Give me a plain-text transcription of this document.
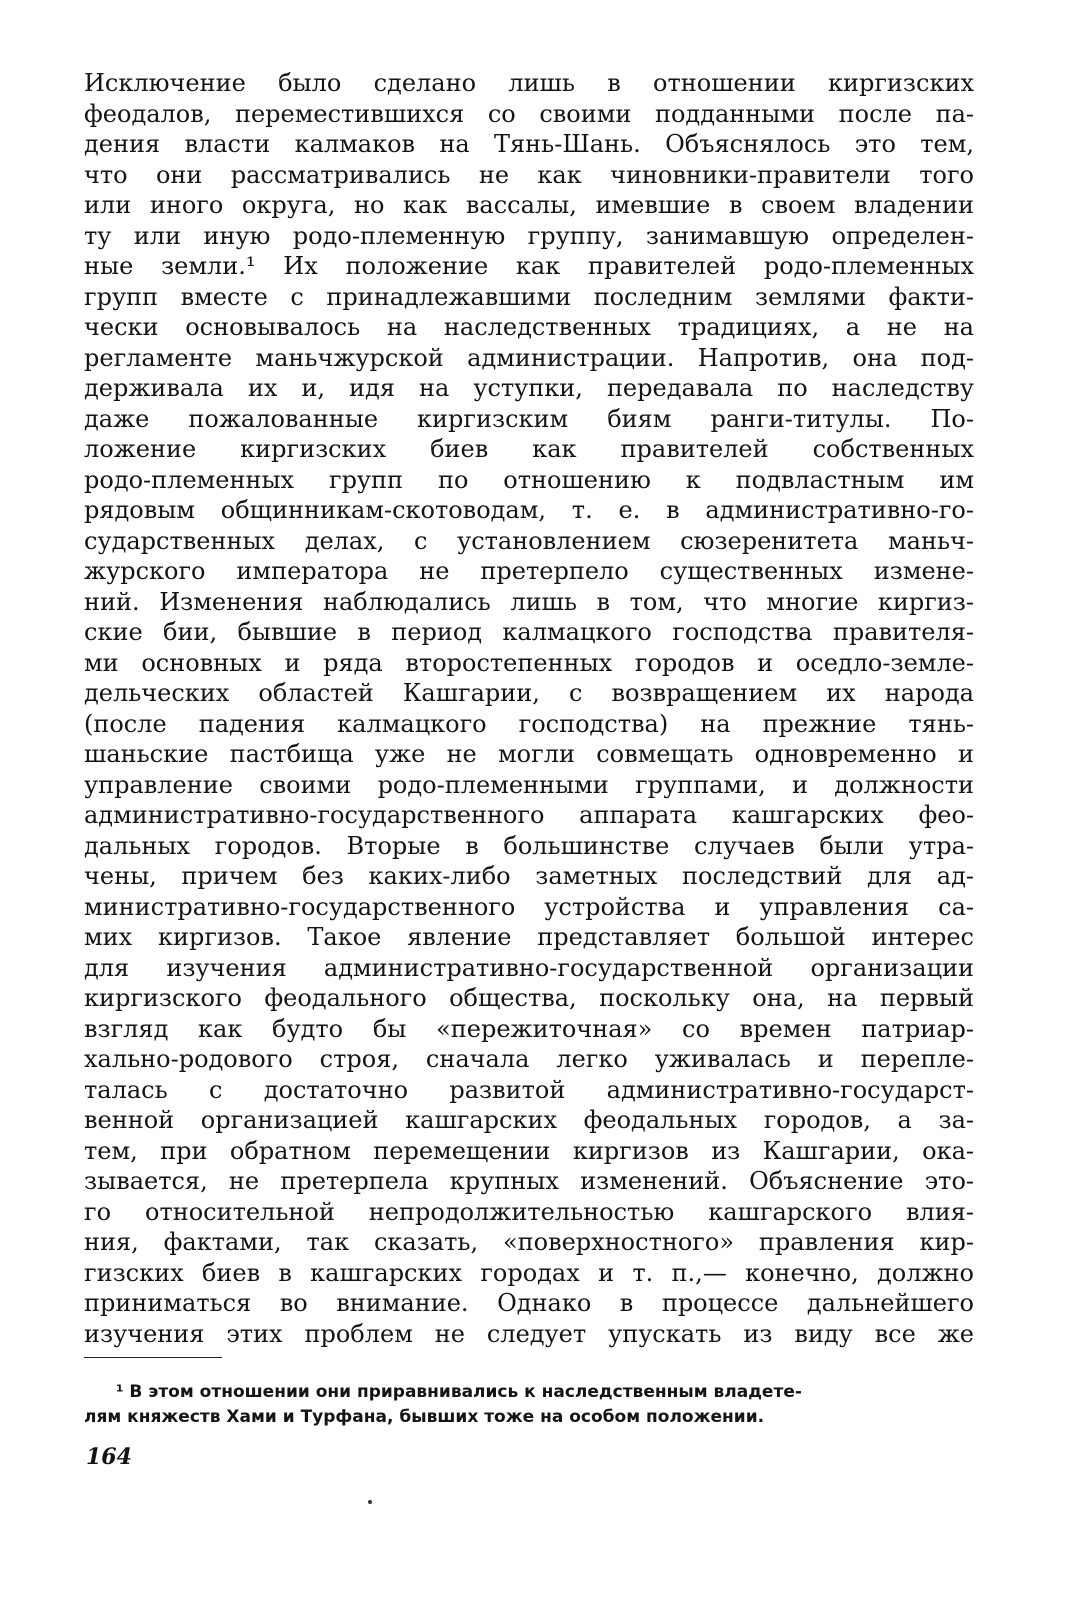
Исключение было сделано лишь в отношении киргизских
феодалов, переместившихся со своими подданными после па-
дения власти калмаков на Тянь-Шань. Объяснялось это тем,
что они рассматривались не как чиновники-правители того
или иного округа, но как вассалы, имевшие в своем владении
ту или иную родо-племенную группу, занимавшую определен-
ные земли.¹ Их положение как правителей родо-племенных
групп вместе с принадлежавшими последним землями факти-
чески основывалось на наследственных традициях, а не на
регламенте маньчжурской администрации. Напротив, она под-
держивала их и, идя на уступки, передавала по наследству
даже пожалованные киргизским биям ранги-титулы. По-
ложение киргизских биев как правителей собственных
родо-племенных групп по отношению к подвластным им
рядовым общинникам-скотоводам, т. е. в административно-го-
сударственных делах, с установлением сюзеренитета маньч-
журского императора не претерпело существенных измене-
ний. Изменения наблюдались лишь в том, что многие киргиз-
ские бии, бывшие в период калмацкого господства правителя-
ми основных и ряда второстепенных городов и оседло-земле-
дельческих областей Кашгарии, с возвращением их народа
(после падения калмацкого господства) на прежние тянь-
шаньские пастбища уже не могли совмещать одновременно и
управление своими родо-племенными группами, и должности
административно-государственного аппарата кашгарских фео-
дальных городов. Вторые в большинстве случаев были утра-
чены, причем без каких-либо заметных последствий для ад-
министративно-государственного устройства и управления са-
мих киргизов. Такое явление представляет большой интерес
для изучения административно-государственной организации
киргизского феодального общества, поскольку она, на первый
взгляд как будто бы «пережиточная» со времен патриар-
хально-родового строя, сначала легко уживалась и перепле-
талась с достаточно развитой административно-государст-
венной организацией кашгарских феодальных городов, а за-
тем, при обратном перемещении киргизов из Кашгарии, ока-
зывается, не претерпела крупных изменений. Объяснение это-
го относительной непродолжительностью кашгарского влия-
ния, фактами, так сказать, «поверхностного» правления кир-
гизских биев в кашгарских городах и т. п.,— конечно, должно
приниматься во внимание. Однако в процессе дальнейшего
изучения этих проблем не следует упускать из виду все же
¹ В этом отношении они приравнивались к наследственным владете-
лям княжеств Хами и Турфана, бывших тоже на особом положении.
164
